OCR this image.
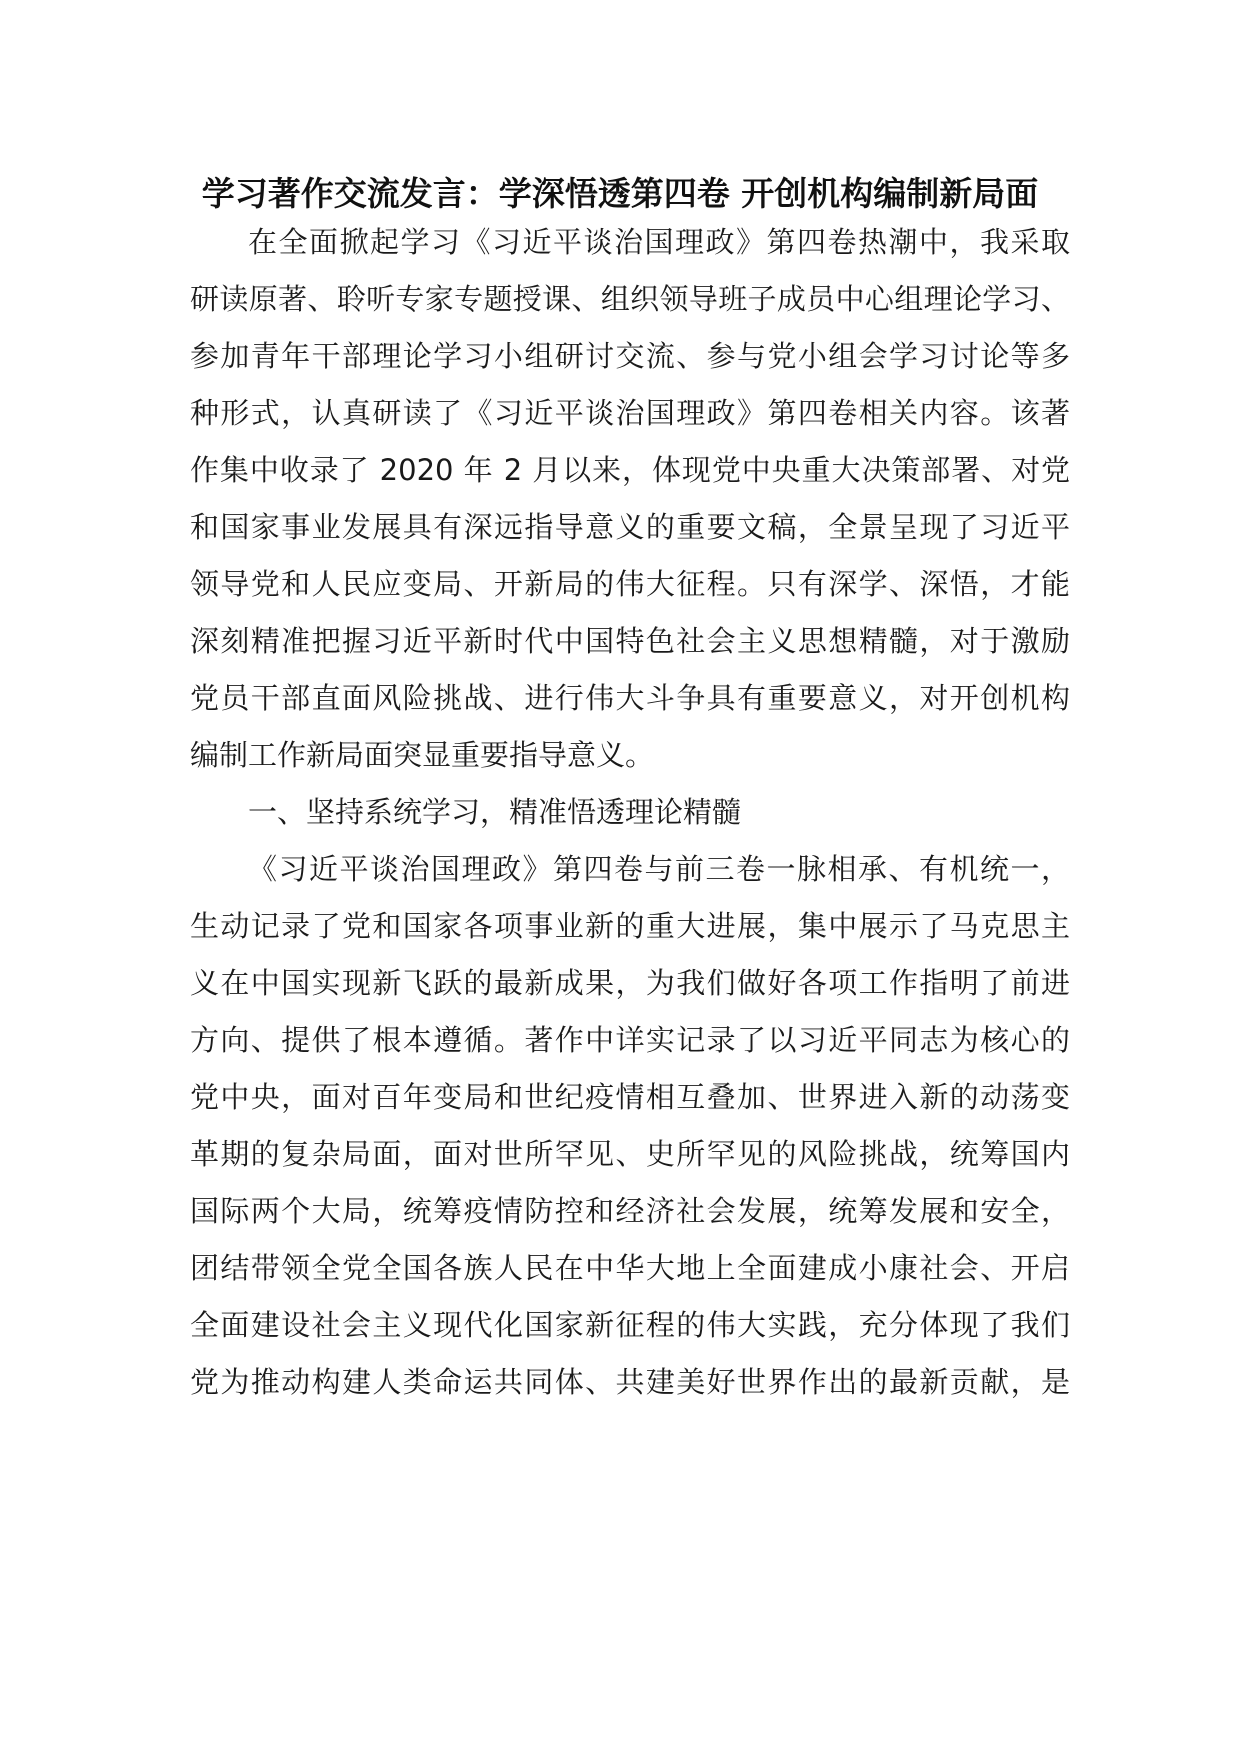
学习著作交流发言：学深悟透第四卷 开创机构编制新局面
在全面掀起学习《习近平谈治国理政》第四卷热潮中，我采取
研读原著、聆听专家专题授课、组织领导班子成员中心组理论学习、
参加青年干部理论学习小组研讨交流、参与党小组会学习讨论等多
种形式，认真研读了《习近平谈治国理政》第四卷相关内容。该著
作集中收录了 2020 年 2 月以来，体现党中央重大决策部署、对党
和国家事业发展具有深远指导意义的重要文稿，全景呈现了习近平
领导党和人民应变局、开新局的伟大征程。只有深学、深悟，才能
深刻精准把握习近平新时代中国特色社会主义思想精髓，对于激励
党员干部直面风险挑战、进行伟大斗争具有重要意义，对开创机构
编制工作新局面突显重要指导意义。
一、坚持系统学习，精准悟透理论精髓
《习近平谈治国理政》第四卷与前三卷一脉相承、有机统一，
生动记录了党和国家各项事业新的重大进展，集中展示了马克思主
义在中国实现新飞跃的最新成果，为我们做好各项工作指明了前进
方向、提供了根本遵循。著作中详实记录了以习近平同志为核心的
党中央，面对百年变局和世纪疫情相互叠加、世界进入新的动荡变
革期的复杂局面，面对世所罕见、史所罕见的风险挑战，统筹国内
国际两个大局，统筹疫情防控和经济社会发展，统筹发展和安全，
团结带领全党全国各族人民在中华大地上全面建成小康社会、开启
全面建设社会主义现代化国家新征程的伟大实践，充分体现了我们
党为推动构建人类命运共同体、共建美好世界作出的最新贡献，是
